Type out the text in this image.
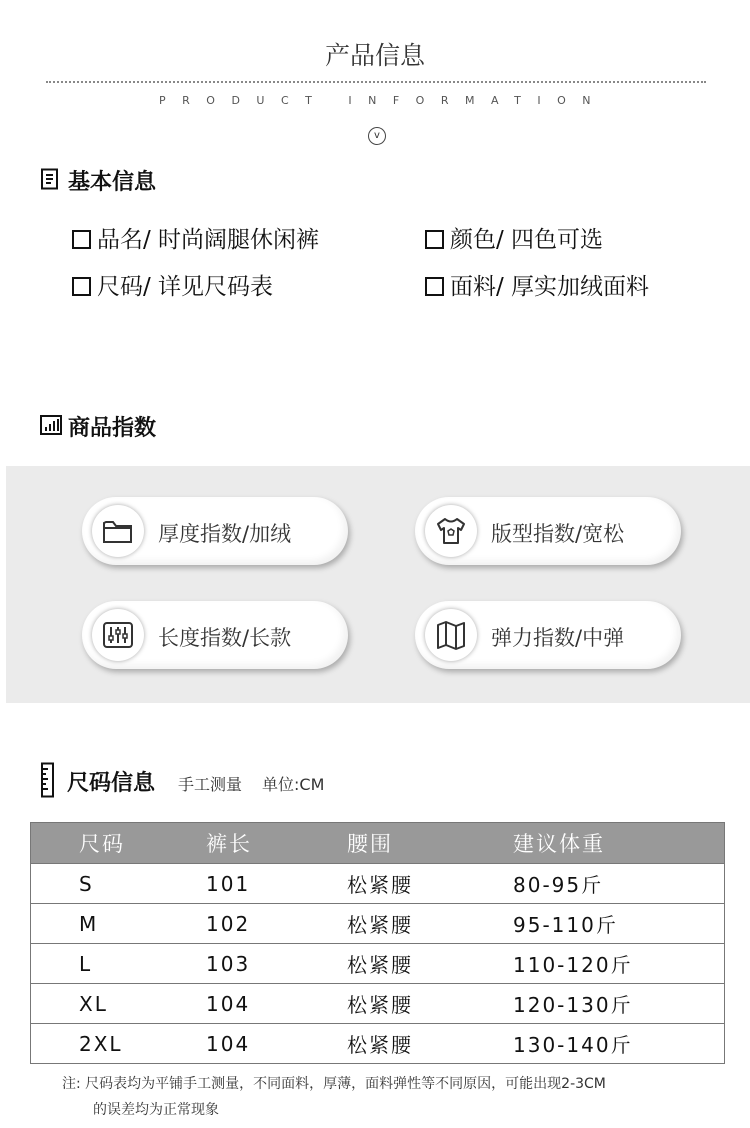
产品信息
PRODUCT INFORMATION
v
基本信息
品名/ 时尚阔腿休闲裤	颜色/ 四色可选
尺码/ 详见尺码表	面料/ 厚实加绒面料
商品指数
厚度指数/加绒	版型指数/宽松
长度指数/长款	弹力指数/中弹
尺码信息 手工测量 单位:CM
尺码	裤长	腰围	建议体重
S	101	松紧腰	80-95斤
M	102	松紧腰	95-110斤
L	103	松紧腰	110-120斤
XL	104	松紧腰	120-130斤
2XL	104	松紧腰	130-140斤
注: 尺码表均为平铺手工测量，不同面料，厚薄，面料弹性等不同原因，可能出现2-3CM
的误差均为正常现象
